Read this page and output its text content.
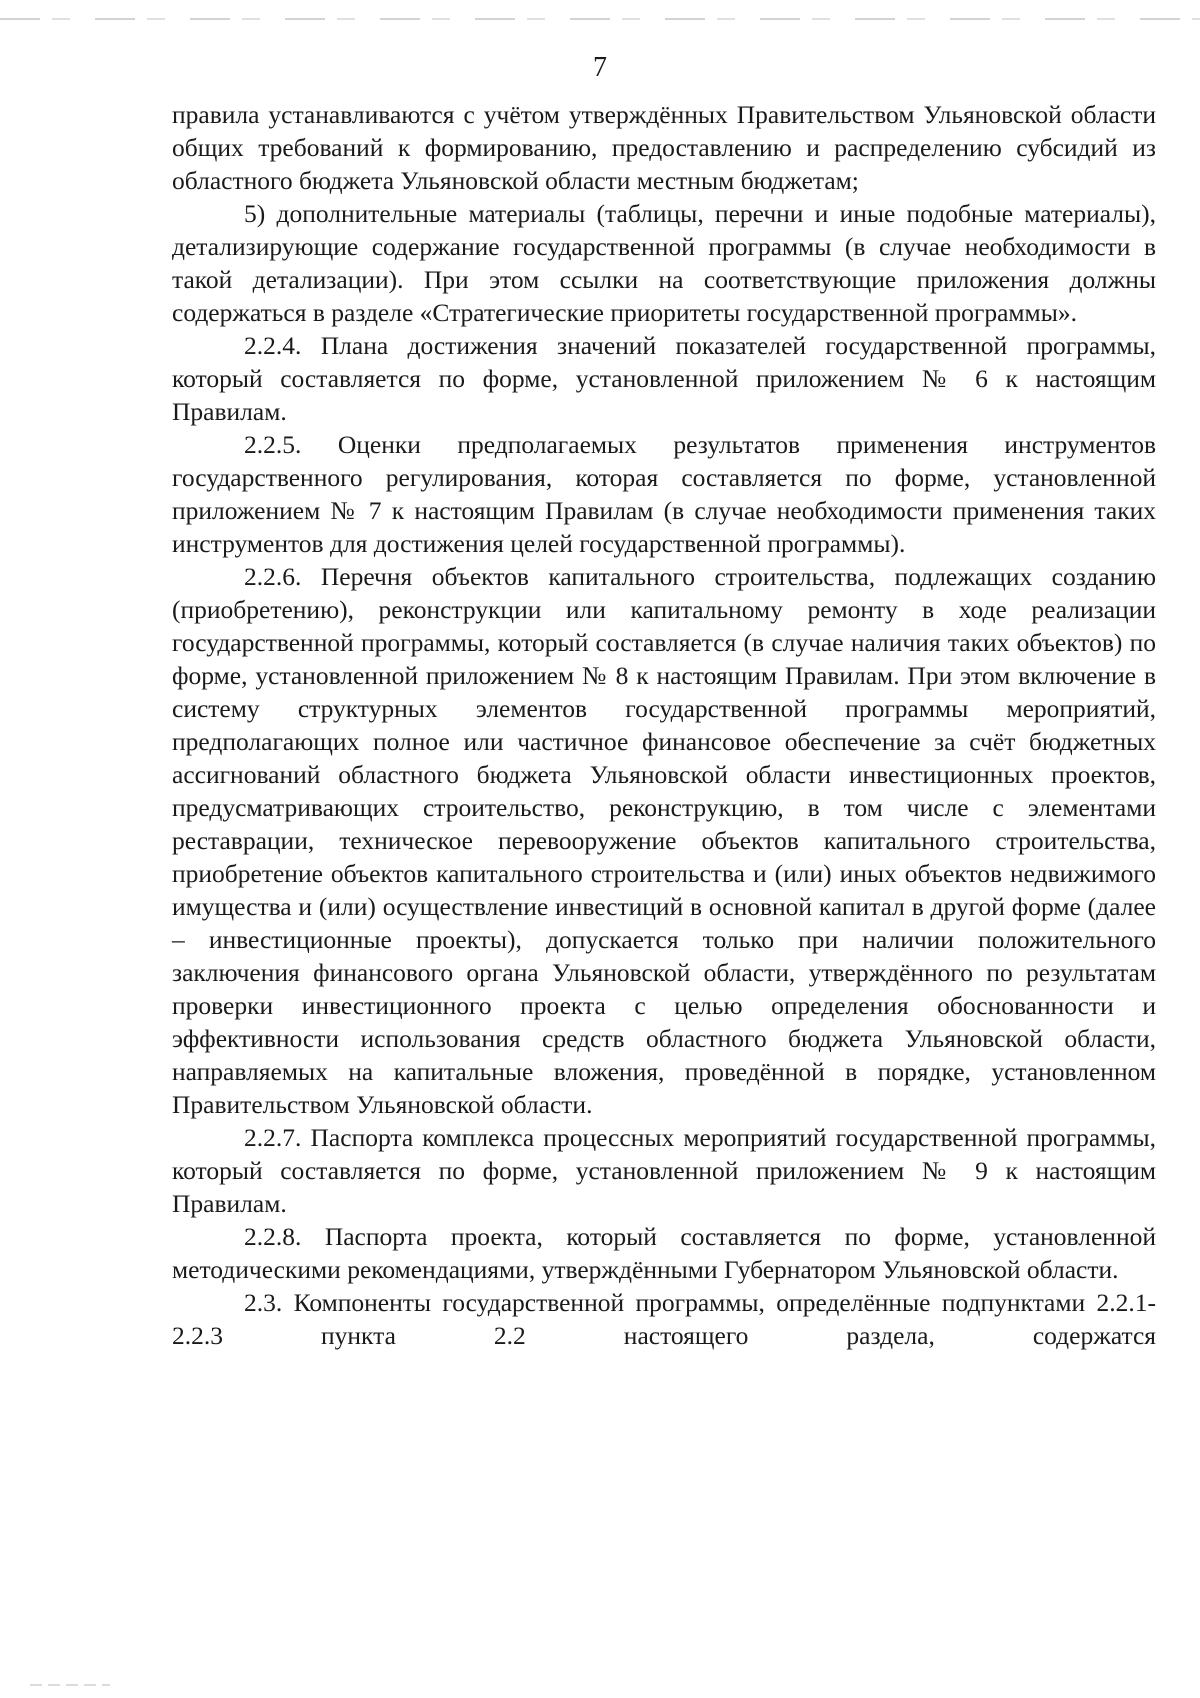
7

правила устанавливаются с учётом утверждённых Правительством Ульяновской области общих требований к формированию, предоставлению и распределению субсидий из областного бюджета Ульяновской области местным бюджетам;

5) дополнительные материалы (таблицы, перечни и иные подобные материалы), детализирующие содержание государственной программы (в случае необходимости в такой детализации). При этом ссылки на соответствующие приложения должны содержаться в разделе «Стратегические приоритеты государственной программы».

2.2.4. Плана достижения значений показателей государственной программы, который составляется по форме, установленной приложением № 6 к настоящим Правилам.

2.2.5. Оценки предполагаемых результатов применения инструментов государственного регулирования, которая составляется по форме, установленной приложением № 7 к настоящим Правилам (в случае необходимости применения таких инструментов для достижения целей государственной программы).

2.2.6. Перечня объектов капитального строительства, подлежащих созданию (приобретению), реконструкции или капитальному ремонту в ходе реализации государственной программы, который составляется (в случае наличия таких объектов) по форме, установленной приложением № 8 к настоящим Правилам. При этом включение в систему структурных элементов государственной программы мероприятий, предполагающих полное или частичное финансовое обеспечение за счёт бюджетных ассигнований областного бюджета Ульяновской области инвестиционных проектов, предусматривающих строительство, реконструкцию, в том числе с элементами реставрации, техническое перевооружение объектов капитального строительства, приобретение объектов капитального строительства и (или) иных объектов недвижимого имущества и (или) осуществление инвестиций в основной капитал в другой форме (далее – инвестиционные проекты), допускается только при наличии положительного заключения финансового органа Ульяновской области, утверждённого по результатам проверки инвестиционного проекта с целью определения обоснованности и эффективности использования средств областного бюджета Ульяновской области, направляемых на капитальные вложения, проведённой в порядке, установленном Правительством Ульяновской области.

2.2.7. Паспорта комплекса процессных мероприятий государственной программы, который составляется по форме, установленной приложением № 9 к настоящим Правилам.

2.2.8. Паспорта проекта, который составляется по форме, установленной методическими рекомендациями, утверждёнными Губернатором Ульяновской области.

2.3. Компоненты государственной программы, определённые подпунктами 2.2.1-2.2.3 пункта 2.2 настоящего раздела, содержатся
